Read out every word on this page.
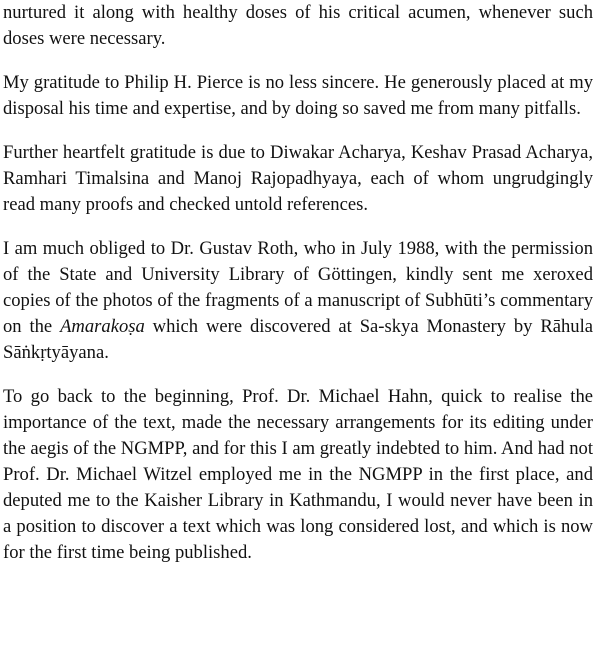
nurtured it along with healthy doses of his critical acumen, whenever such doses were necessary.

My gratitude to Philip H. Pierce is no less sincere. He generously placed at my disposal his time and expertise, and by doing so saved me from many pitfalls.

Further heartfelt gratitude is due to Diwakar Acharya, Keshav Prasad Acharya, Ramhari Timalsina and Manoj Rajopadhyaya, each of whom ungrudgingly read many proofs and checked untold references.

I am much obliged to Dr. Gustav Roth, who in July 1988, with the permission of the State and University Library of Göttingen, kindly sent me xeroxed copies of the photos of the fragments of a manuscript of Subhūti’s commentary on the Amarakoṣa which were discovered at Sa-skya Monastery by Rāhula Sāṅkṛtyāyana.

To go back to the beginning, Prof. Dr. Michael Hahn, quick to realise the importance of the text, made the necessary arrangements for its editing under the aegis of the NGMPP, and for this I am greatly indebted to him. And had not Prof. Dr. Michael Witzel employed me in the NGMPP in the first place, and deputed me to the Kaisher Library in Kathmandu, I would never have been in a position to discover a text which was long considered lost, and which is now for the first time being published.
